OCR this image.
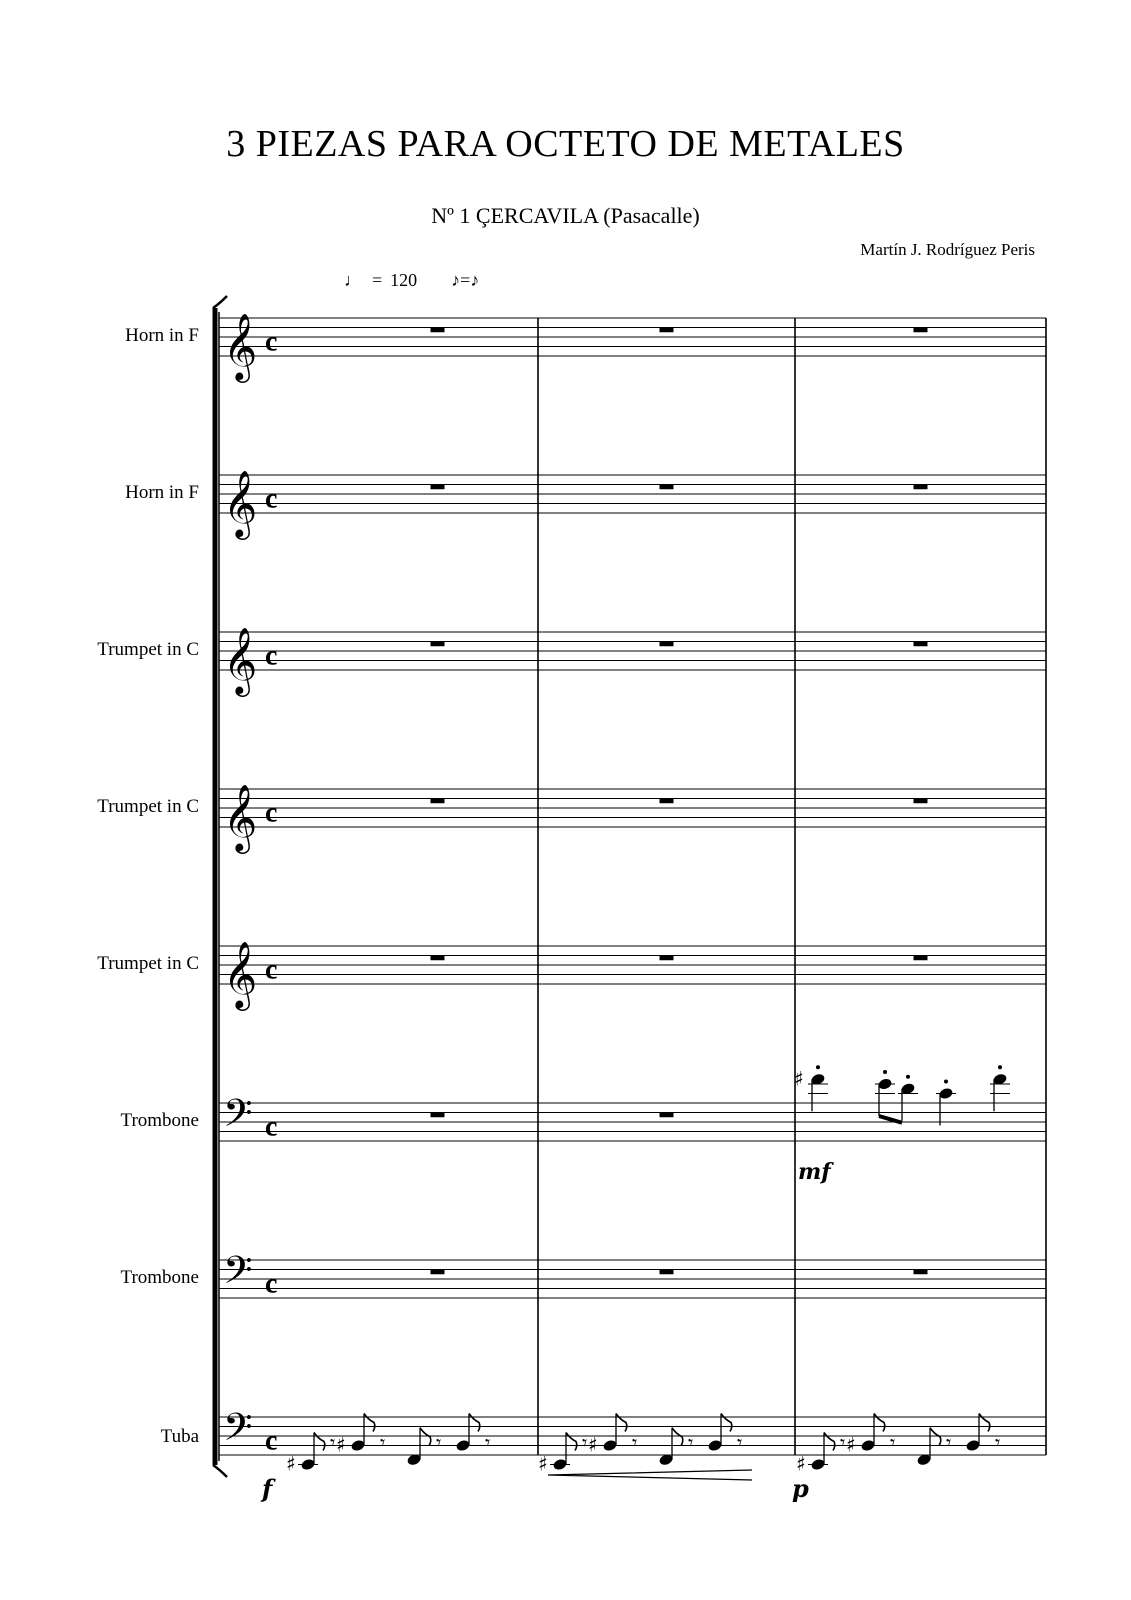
3 PIEZAS PARA OCTETO DE METALES
Nº 1 ÇERCAVILA (Pasacalle)
Martín J. Rodríguez Peris
♩ = 120 ♪=♪
Horn in F
Horn in F
Trumpet in C
Trumpet in C
Trumpet in C
Trombone
Trombone
Tuba
𝄞 c
𝄞 c
𝄞 c
𝄞 c
𝄞 c
𝄢 c
𝄢 c
𝄢 c
♯
mf
♯
𝄾 ♯ 𝄾	𝄾 𝄾
♯
𝄾 ♯ 𝄾	𝄾 𝄾
♯
𝄾 ♯ 𝄾	𝄾 𝄾
f	p
